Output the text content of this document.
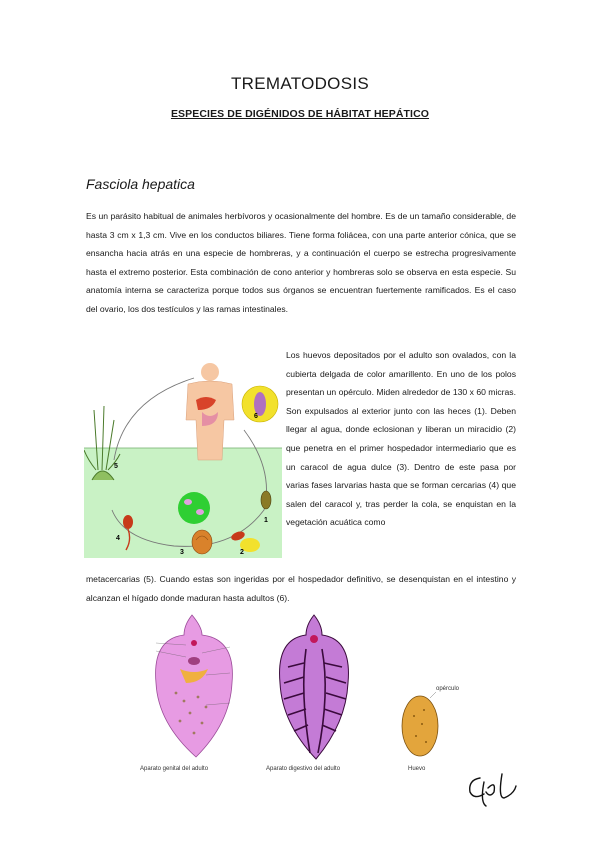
TREMATODOSIS
ESPECIES DE DIGÉNIDOS DE HÁBITAT HEPÁTICO
Fasciola hepatica
Es un parásito habitual de animales herbívoros y ocasionalmente del hombre. Es de un tamaño considerable, de hasta 3 cm x 1,3 cm. Vive en los conductos biliares. Tiene forma foliácea, con una parte anterior cónica, que se ensancha hacia atrás en una especie de hombreras, y a continuación el cuerpo se estrecha progresivamente hasta el extremo posterior. Esta combinación de cono anterior y hombreras solo se observa en esta especie. Su anatomía interna se caracteriza porque todos sus órganos se encuentran fuertemente ramificados. Es el caso del ovario, los dos testículos y las ramas intestinales.
1
2
3
4
5
6
Los huevos depositados por el adulto son ovalados, con la cubierta delgada de color amarillento. En uno de los polos presentan un opérculo. Miden alrededor de 130 x 60 micras. Son expulsados al exterior junto con las heces (1). Deben llegar al agua, donde eclosionan y liberan un miracidio (2) que penetra en el primer hospedador intermediario que es un caracol de agua dulce (3). Dentro de este pasa por varias fases larvarias hasta que se forman cercarias (4) que salen del caracol y, tras perder la cola, se enquistan en la vegetación acuática como
metacercarias (5). Cuando estas son ingeridas por el hospedador definitivo, se desenquistan en el intestino y alcanzan el hígado donde maduran hasta adultos (6).
Aparato genital del adulto	Aparato digestivo del adulto
opérculo
Huevo
